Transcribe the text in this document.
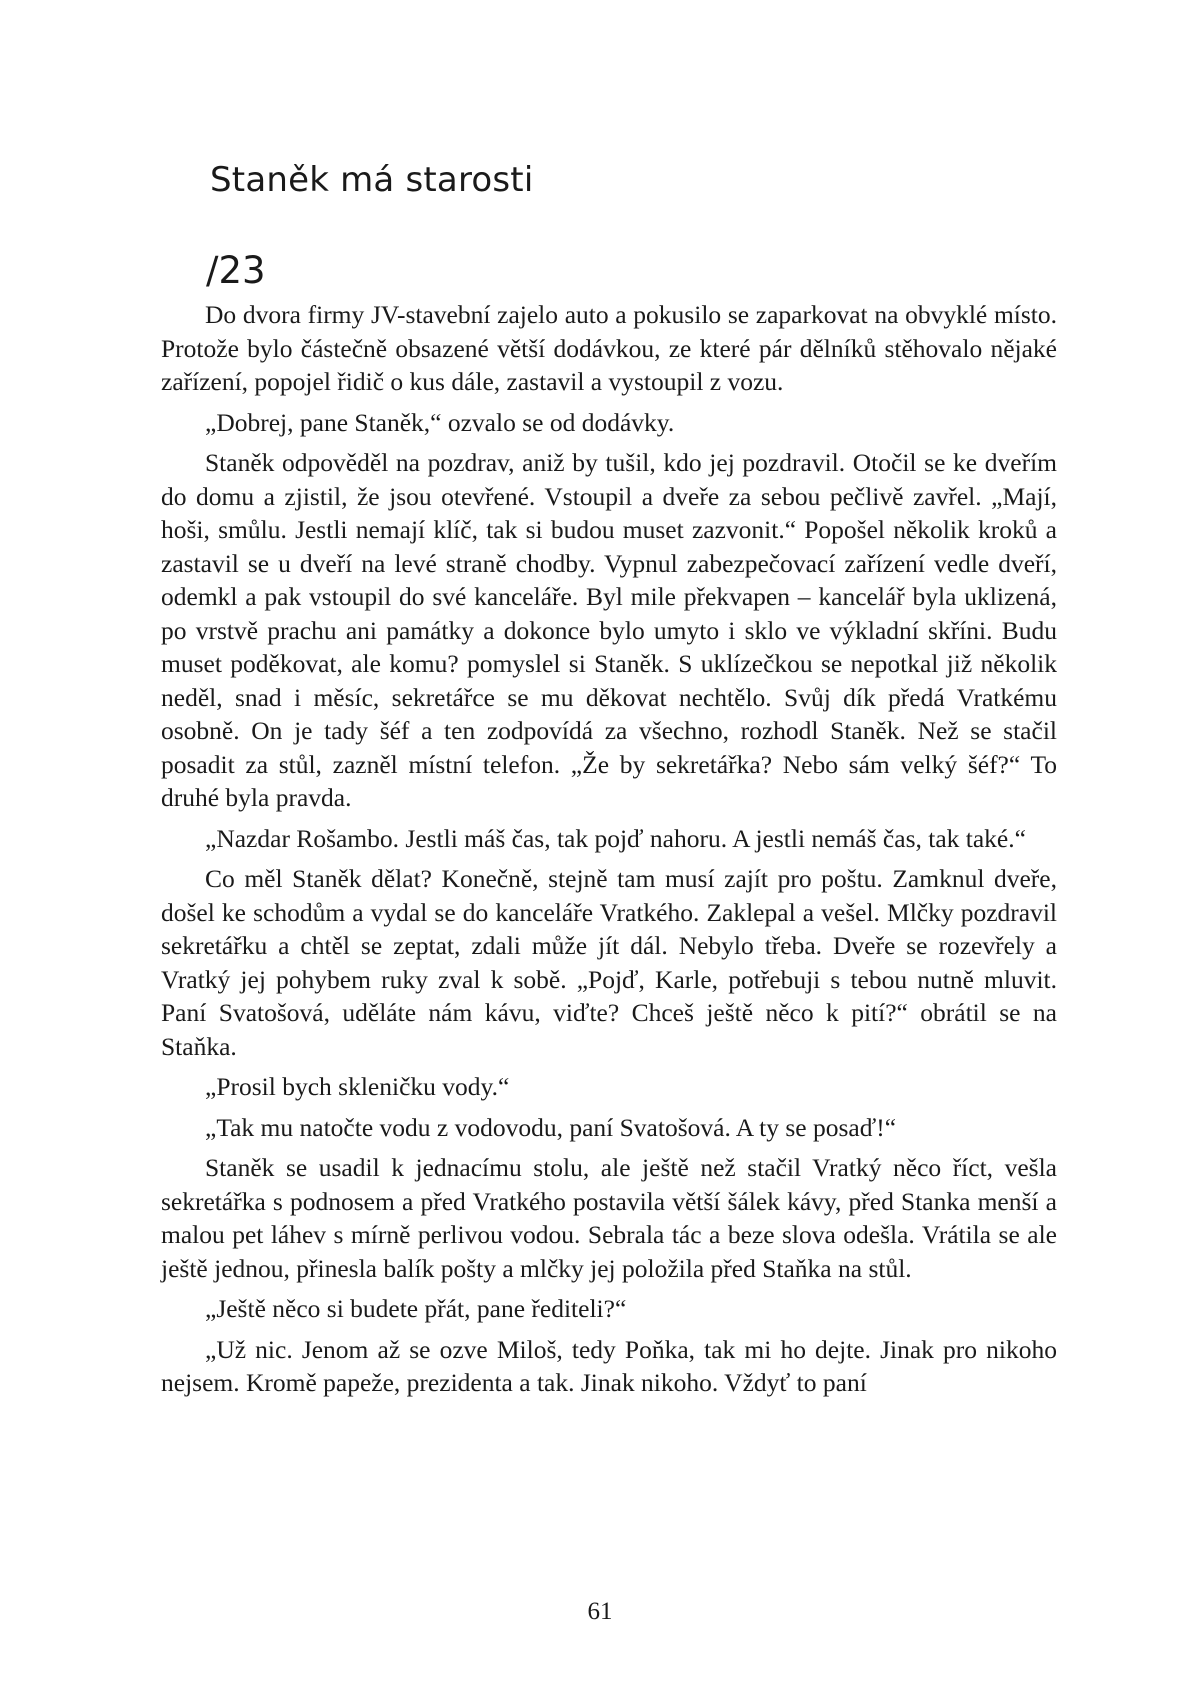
Staněk má starosti
/23

Do dvora firmy JV-stavební zajelo auto a pokusilo se zaparkovat na obvyklé místo. Protože bylo částečně obsazené větší dodávkou, ze které pár dělníků stěhovalo nějaké zařízení, popojel řidič o kus dále, zastavil a vystoupil z vozu.

„Dobrej, pane Staněk,“ ozvalo se od dodávky.

Staněk odpověděl na pozdrav, aniž by tušil, kdo jej pozdravil. Otočil se ke dveřím do domu a zjistil, že jsou otevřené. Vstoupil a dveře za sebou pečlivě zavřel. „Mají, hoši, smůlu. Jestli nemají klíč, tak si budou muset zazvonit.“ Popošel několik kroků a zastavil se u dveří na levé straně chodby. Vypnul zabezpečovací zařízení vedle dveří, odemkl a pak vstoupil do své kanceláře. Byl mile překvapen – kancelář byla uklizená, po vrstvě prachu ani památky a dokonce bylo umyto i sklo ve výkladní skříni. Budu muset poděkovat, ale komu? pomyslel si Staněk. S uklízečkou se nepotkal již několik neděl, snad i měsíc, sekretářce se mu děkovat nechtělo. Svůj dík předá Vratkému osobně. On je tady šéf a ten zodpovídá za všechno, rozhodl Staněk. Než se stačil posadit za stůl, zazněl místní telefon. „Že by sekretářka? Nebo sám velký šéf?“ To druhé byla pravda.

„Nazdar Rošambo. Jestli máš čas, tak pojď nahoru. A jestli nemáš čas, tak také.“

Co měl Staněk dělat? Konečně, stejně tam musí zajít pro poštu. Zamknul dveře, došel ke schodům a vydal se do kanceláře Vratkého. Zaklepal a vešel. Mlčky pozdravil sekretářku a chtěl se zeptat, zdali může jít dál. Nebylo třeba. Dveře se rozevřely a Vratký jej pohybem ruky zval k sobě. „Pojď, Karle, potřebuji s tebou nutně mluvit. Paní Svatošová, uděláte nám kávu, viďte? Chceš ještě něco k pití?“ obrátil se na Staňka.

„Prosil bych skleničku vody.“

„Tak mu natočte vodu z vodovodu, paní Svatošová. A ty se posaď!“

Staněk se usadil k jednacímu stolu, ale ještě než stačil Vratký něco říct, vešla sekretářka s podnosem a před Vratkého postavila větší šálek kávy, před Stanka menší a malou pet láhev s mírně perlivou vodou. Sebrala tác a beze slova odešla. Vrátila se ale ještě jednou, přinesla balík pošty a mlčky jej položila před Staňka na stůl.

„Ještě něco si budete přát, pane řediteli?“

„Už nic. Jenom až se ozve Miloš, tedy Poňka, tak mi ho dejte. Jinak pro nikoho nejsem. Kromě papeže, prezidenta a tak. Jinak nikoho. Vždyť to paní

61
